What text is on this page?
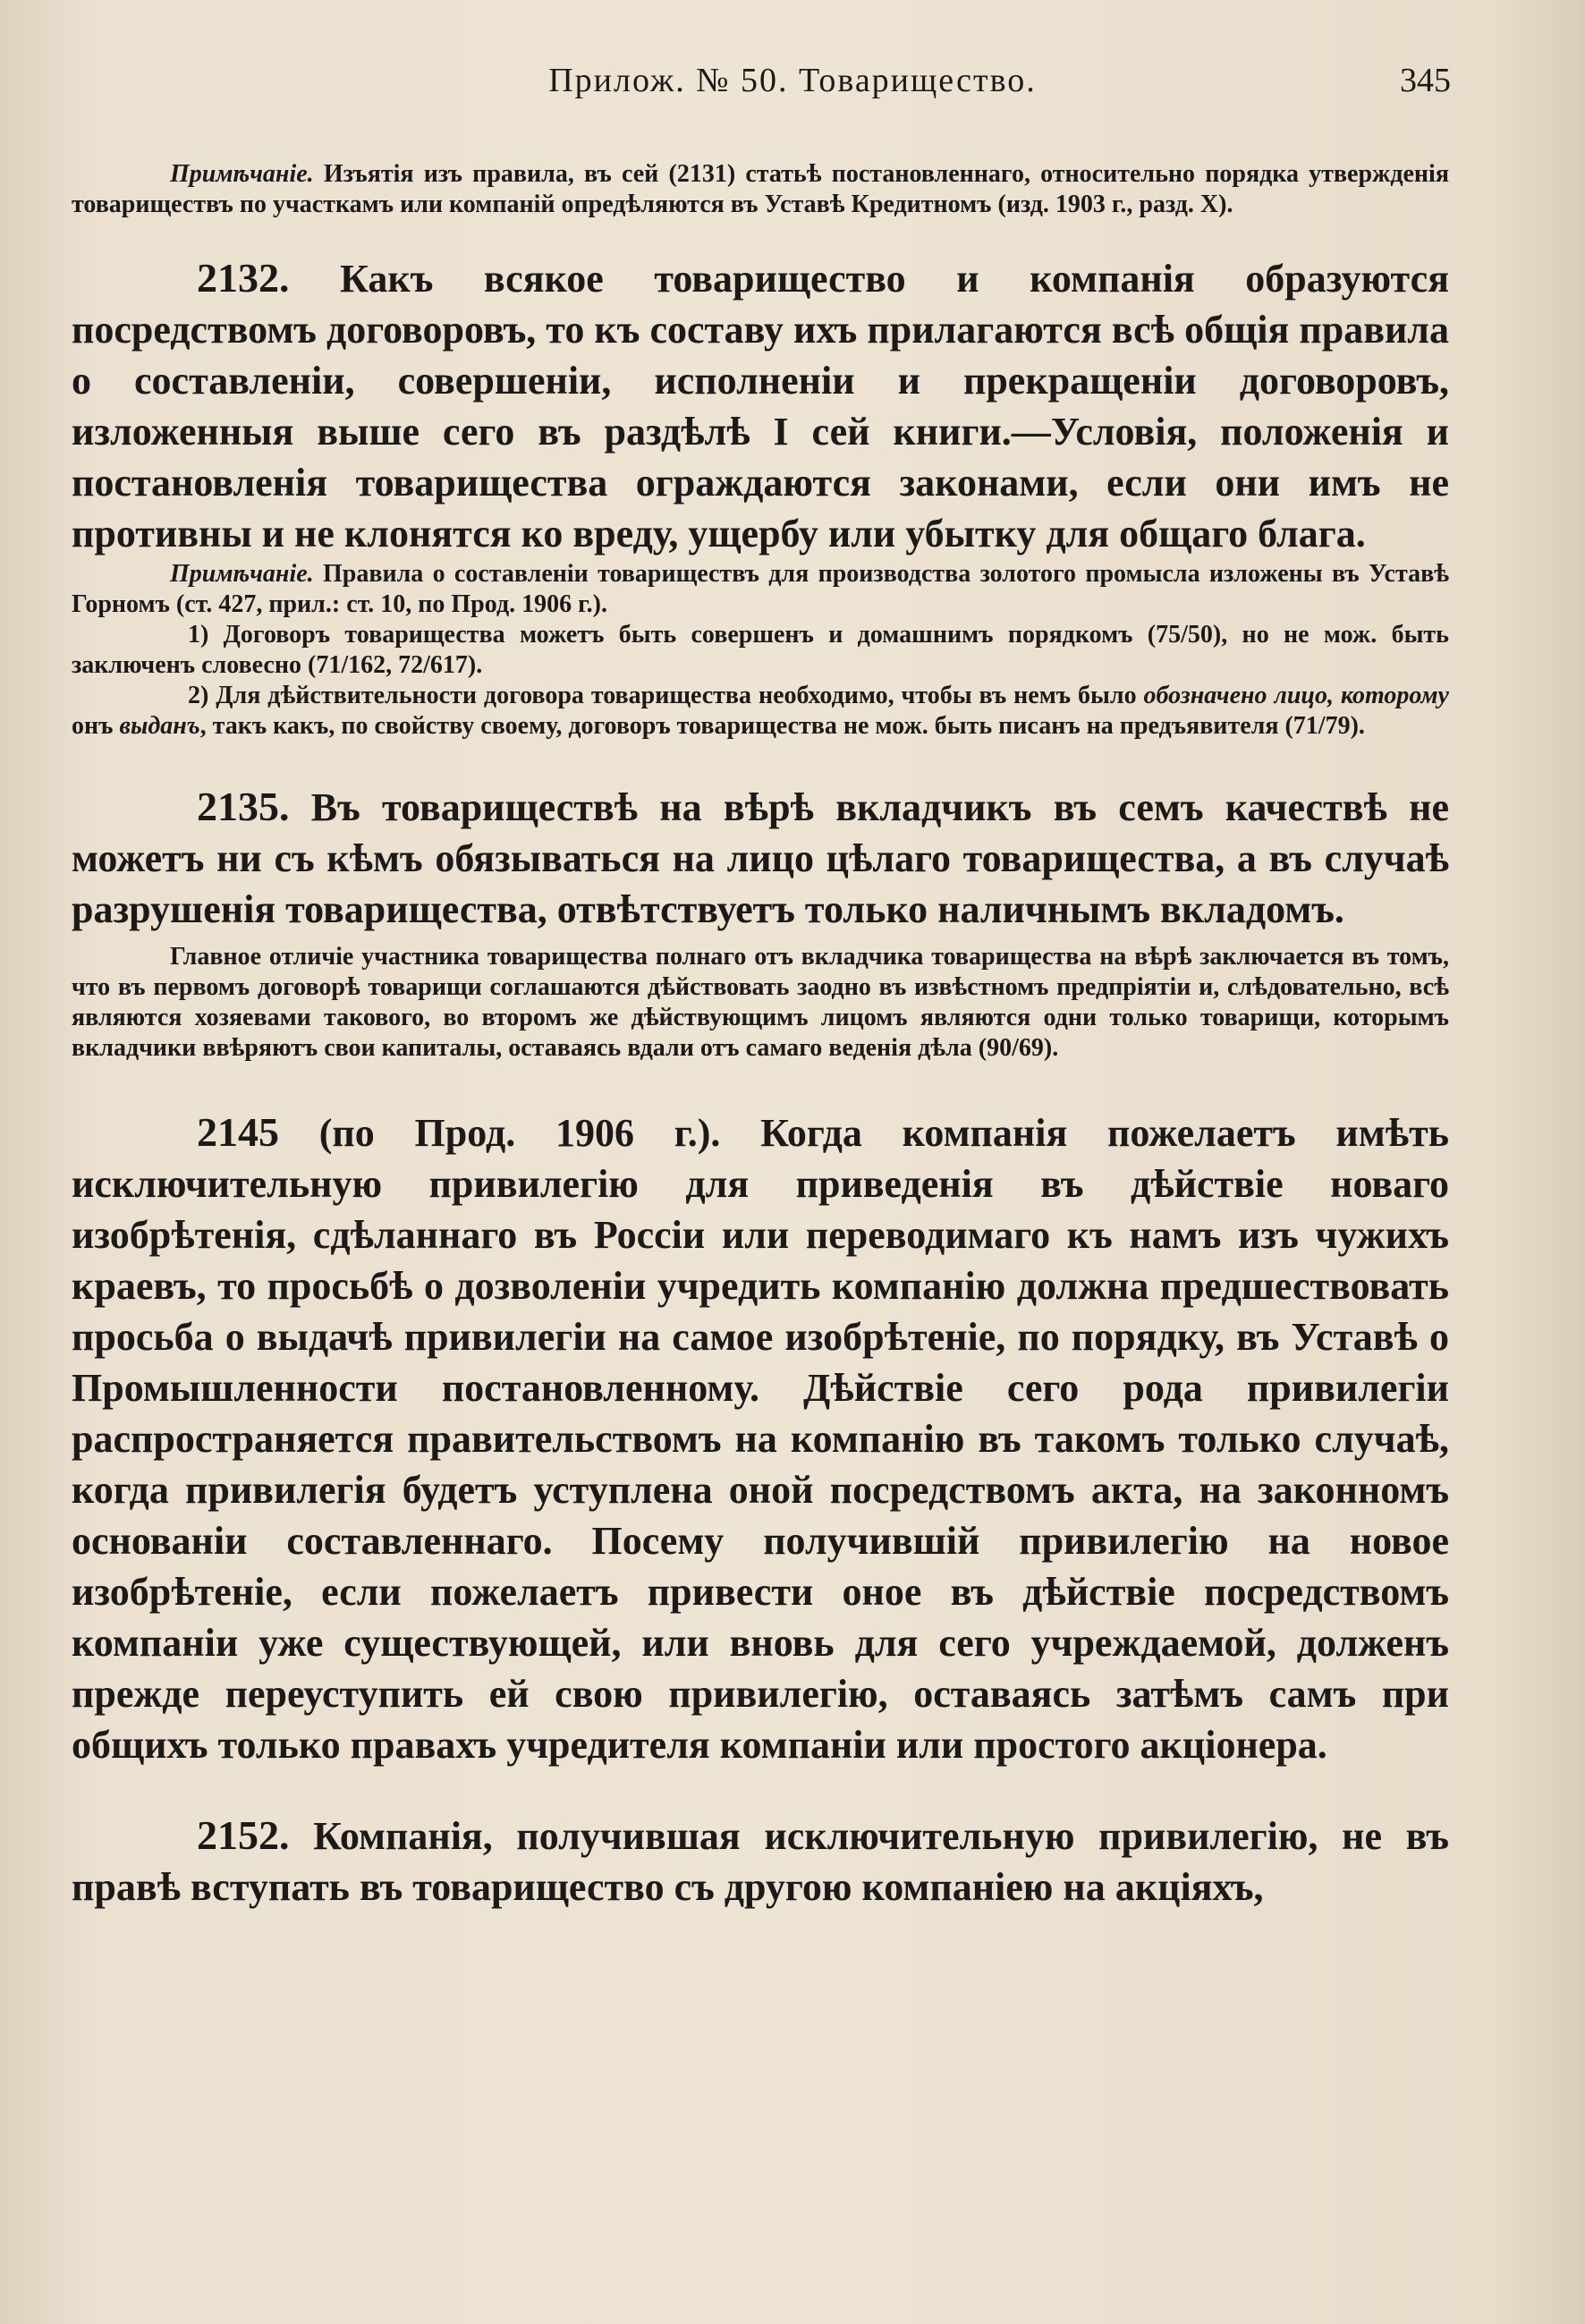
Прилож. № 50. Товарищество.	345

Примѣчаніе. Изъятія изъ правила, въ сей (2131) статьѣ постановленнаго, относительно порядка утвержденія товариществъ по участкамъ или компаній опредѣляются въ Уставѣ Кредитномъ (изд. 1903 г., разд. X).

2132. Какъ всякое товарищество и компанія образуются посредствомъ договоровъ, то къ составу ихъ прилагаются всѣ общія правила о составленіи, совершеніи, исполненіи и прекращеніи договоровъ, изложенныя выше сего въ раздѣлѣ I сей книги.—Условія, положенія и постановленія товарищества ограждаются законами, если они имъ не противны и не клонятся ко вреду, ущербу или убытку для общаго блага.

Примѣчаніе. Правила о составленіи товариществъ для производства золотого промысла изложены въ Уставѣ Горномъ (ст. 427, прил.: ст. 10, по Прод. 1906 г.).

1) Договоръ товарищества можетъ быть совершенъ и домашнимъ порядкомъ (75/50), но не мож. быть заключенъ словесно (71/162, 72/617).

2) Для дѣйствительности договора товарищества необходимо, чтобы въ немъ было обозначено лицо, которому онъ выданъ, такъ какъ, по свойству своему, договоръ товарищества не мож. быть писанъ на предъявителя (71/79).

2135. Въ товариществѣ на вѣрѣ вкладчикъ въ семъ качествѣ не можетъ ни съ кѣмъ обязываться на лицо цѣлаго товарищества, а въ случаѣ разрушенія товарищества, отвѣтствуетъ только наличнымъ вкладомъ.

Главное отличіе участника товарищества полнаго отъ вкладчика товарищества на вѣрѣ заключается въ томъ, что въ первомъ договорѣ товарищи соглашаются дѣйствовать заодно въ извѣстномъ предпріятіи и, слѣдовательно, всѣ являются хозяевами такового, во второмъ же дѣйствующимъ лицомъ являются одни только товарищи, которымъ вкладчики ввѣряютъ свои капиталы, оставаясь вдали отъ самаго веденія дѣла (90/69).

2145 (по Прод. 1906 г.). Когда компанія пожелаетъ имѣть исключительную привилегію для приведенія въ дѣйствіе новаго изобрѣтенія, сдѣланнаго въ Россіи или переводимаго къ намъ изъ чужихъ краевъ, то просьбѣ о дозволеніи учредить компанію должна предшествовать просьба о выдачѣ привилегіи на самое изобрѣтеніе, по порядку, въ Уставѣ о Промышленности постановленному. Дѣйствіе сего рода привилегіи распространяется правительствомъ на компанію въ такомъ только случаѣ, когда привилегія будетъ уступлена оной посредствомъ акта, на законномъ основаніи составленнаго. Посему получившій привилегію на новое изобрѣтеніе, если пожелаетъ привести оное въ дѣйствіе посредствомъ компаніи уже существующей, или вновь для сего учреждаемой, долженъ прежде переуступить ей свою привилегію, оставаясь затѣмъ самъ при общихъ только правахъ учредителя компаніи или простого акціонера.

2152. Компанія, получившая исключительную привилегію, не въ правѣ вступать въ товарищество съ другою компаніею на акціяхъ,
